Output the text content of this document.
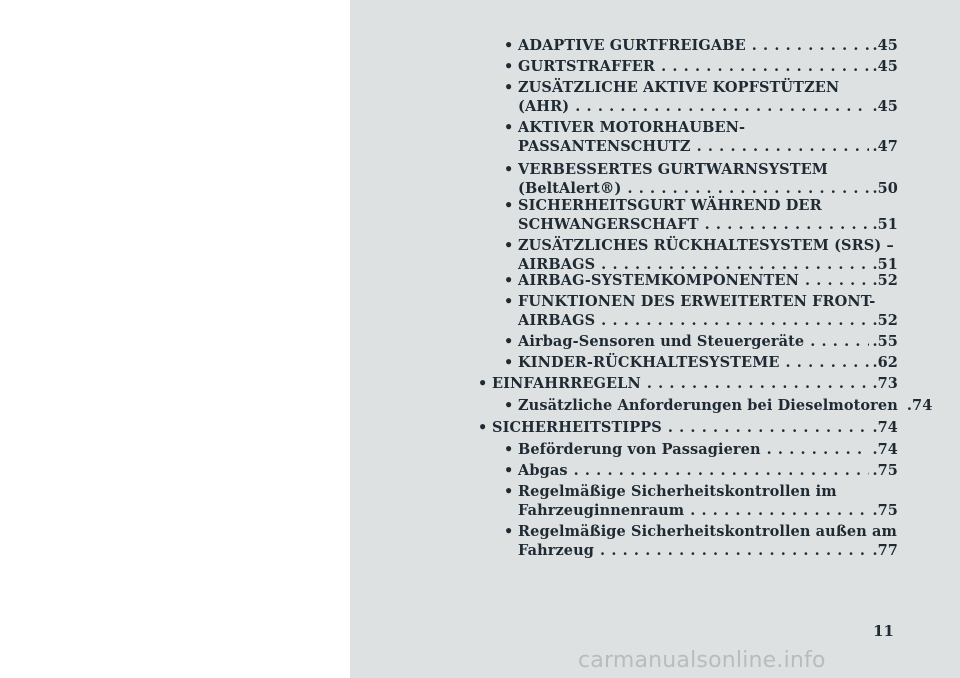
• ADAPTIVE GURTFREIGABE . . .	.45
• GURTSTRAFFER . . .	.45
• ZUSÄTZLICHE AKTIVE KOPFSTÜTZEN
(AHR) . . .	.45
• AKTIVER MOTORHAUBEN-
PASSANTENSCHUTZ . . .	.47
• VERBESSERTES GURTWARNSYSTEM
(BeltAlert®) . . .	.50
• SICHERHEITSGURT WÄHREND DER
SCHWANGERSCHAFT . . .	.51
• ZUSÄTZLICHES RÜCKHALTESYSTEM (SRS) –
AIRBAGS . . .	.51
• AIRBAG-SYSTEMKOMPONENTEN . . .	.52
• FUNKTIONEN DES ERWEITERTEN FRONT-
AIRBAGS . . .	.52
• Airbag-Sensoren und Steuergeräte . . .	.55
• KINDER-RÜCKHALTESYSTEME . . .	.62
• EINFAHRREGELN . . .	.73
• Zusätzliche Anforderungen bei Dieselmotoren .74
• SICHERHEITSTIPPS . . .	.74
• Beförderung von Passagieren . . .	.74
• Abgas . . .	.75
• Regelmäßige Sicherheitskontrollen im
Fahrzeuginnenraum . . .	.75
• Regelmäßige Sicherheitskontrollen außen am
Fahrzeug . . .	.77
11
carmanualsonline.info
